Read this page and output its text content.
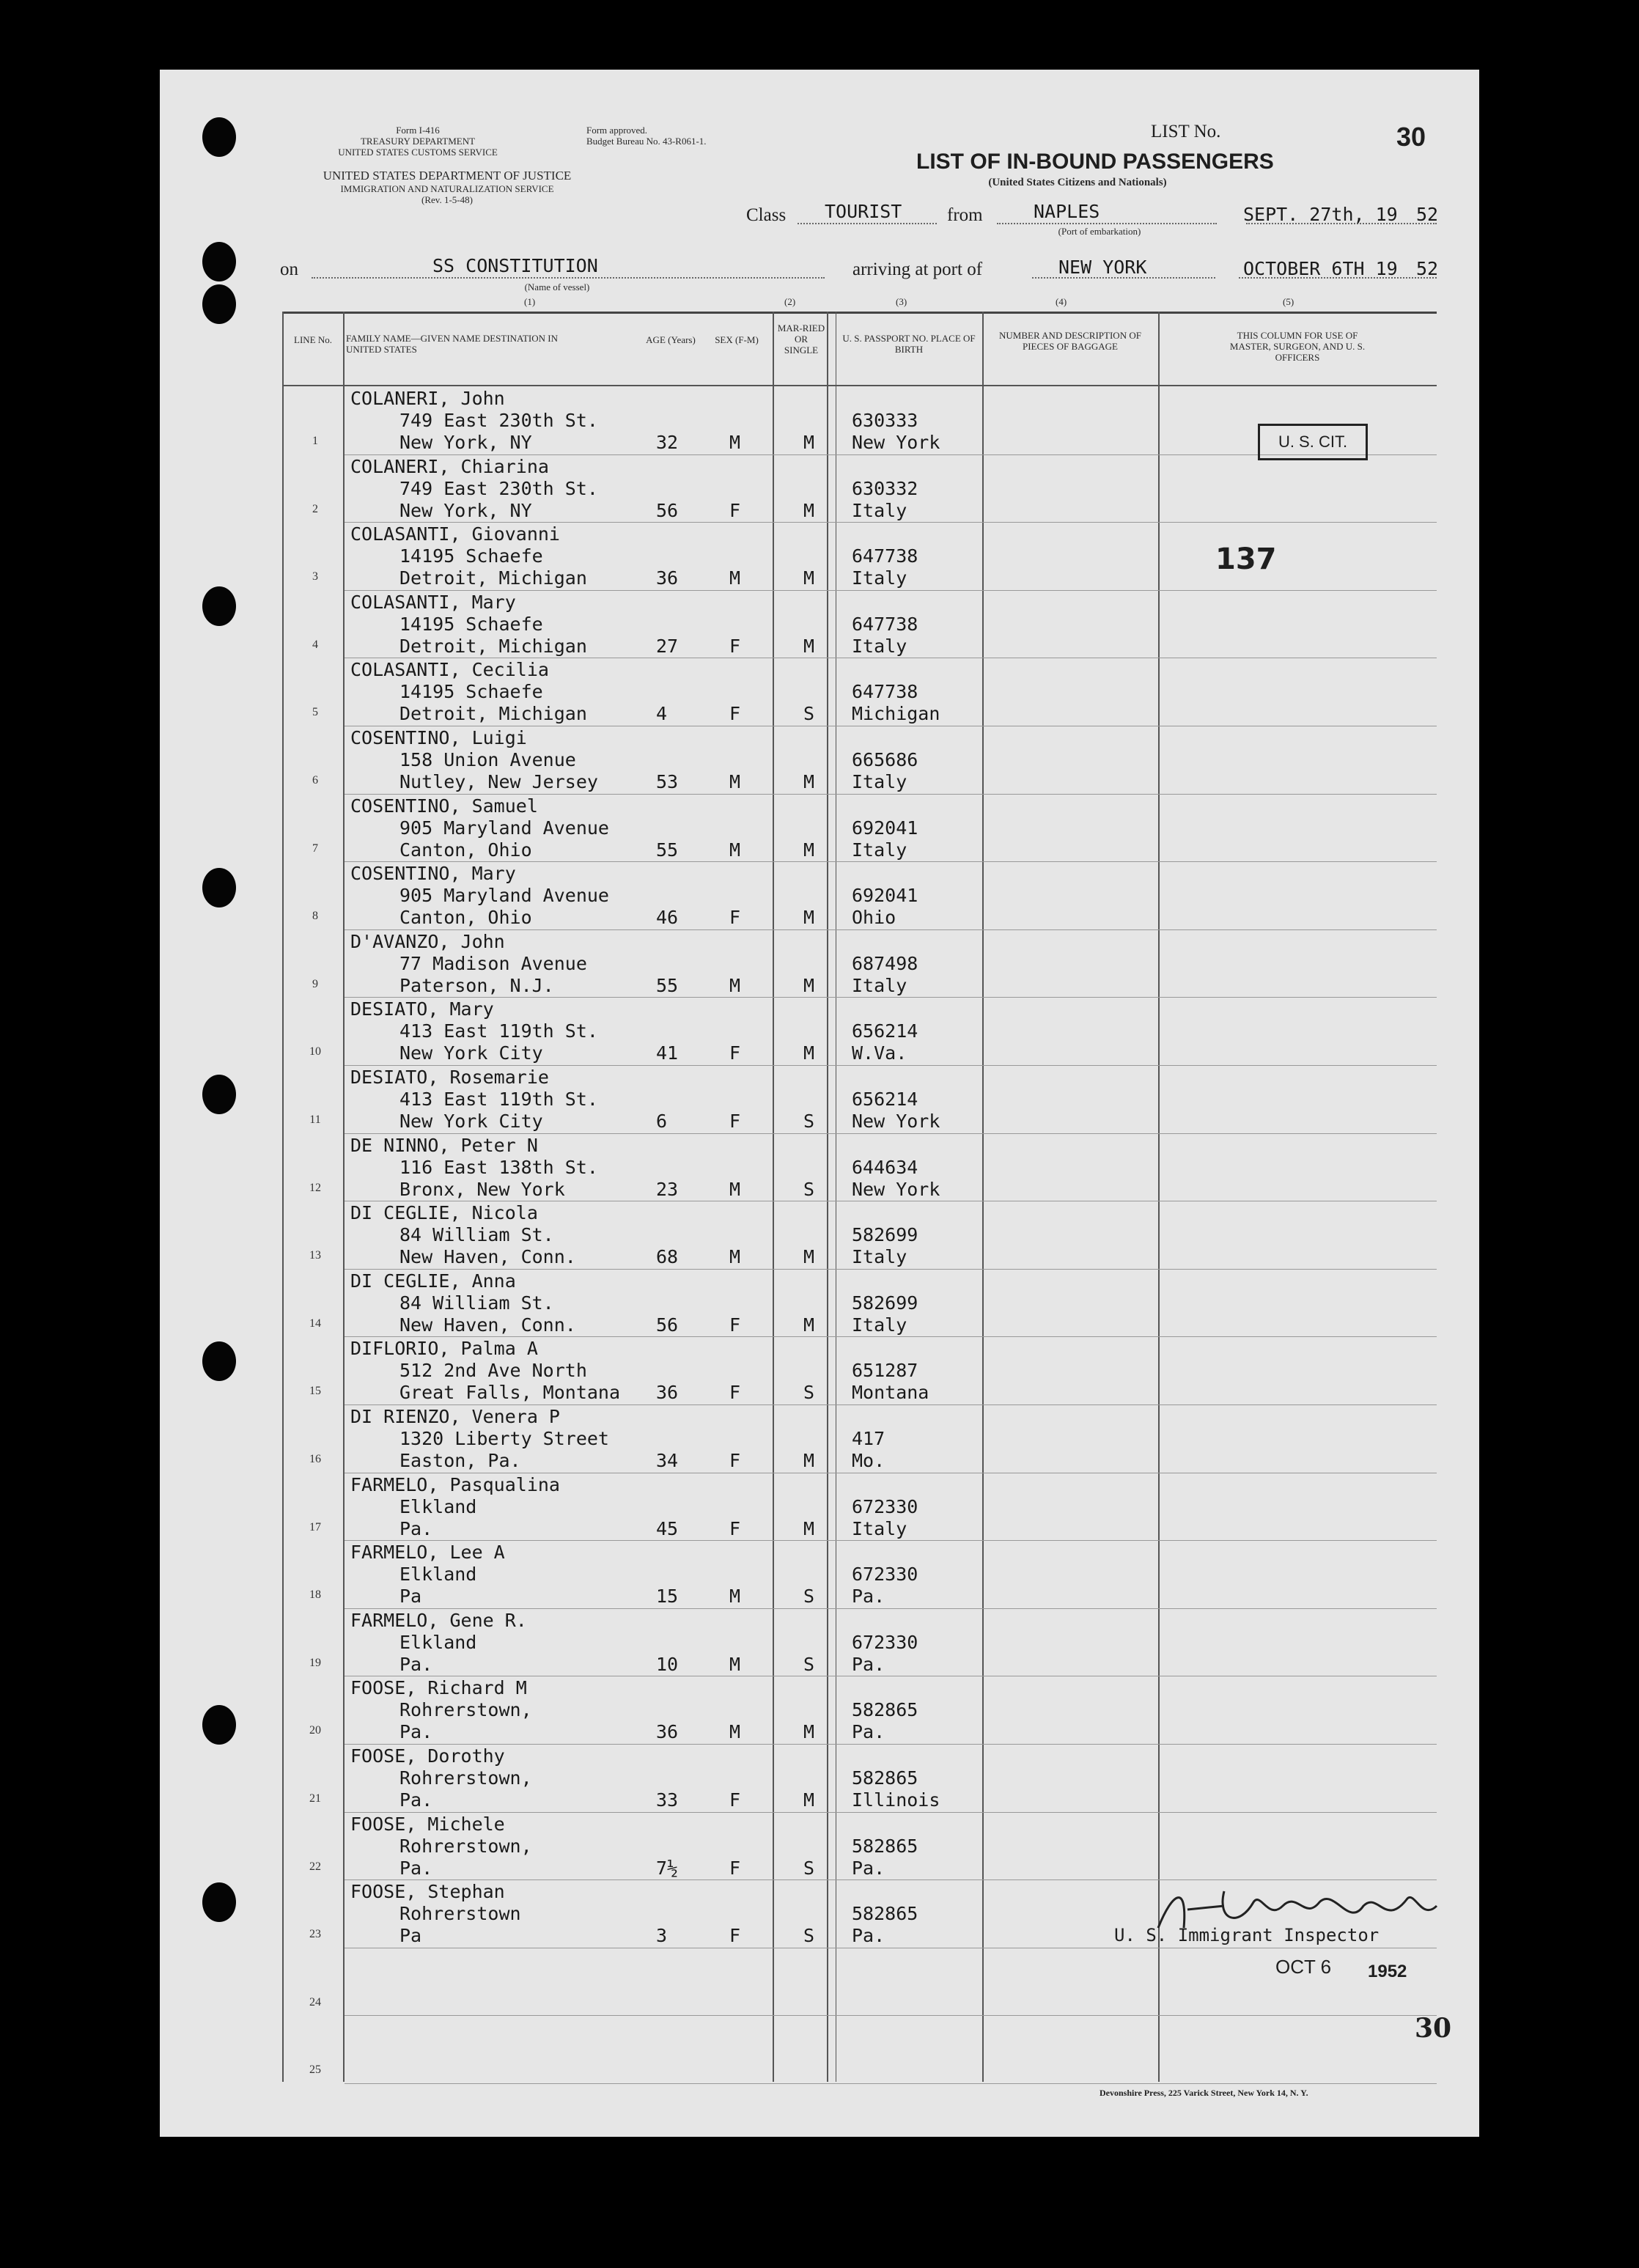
Form I-416
TREASURY DEPARTMENT
UNITED STATES CUSTOMS SERVICE
Form approved.
Budget Bureau No. 43-R061-1.
UNITED STATES DEPARTMENT OF JUSTICE
IMMIGRATION AND NATURALIZATION SERVICE
(Rev. 1-5-48)
LIST No.	30
LIST OF IN-BOUND PASSENGERS
(United States Citizens and Nationals)
Class TOURIST from	NAPLES
(Port of embarkation)
SEPT. 27th, 19 52
on	SS CONSTITUTION
(Name of vessel)
arriving at port of	NEW YORK	OCTOBER 6TH 19 52
(1)	(2)	(3)	(4)	(5)
LINE No.	FAMILY NAME—GIVEN NAME DESTINATION IN UNITED STATES
AGE (Years) SEX (F-M)
MAR-RIED OR SINGLE
U. S. PASSPORT NO. PLACE OF BIRTH
NUMBER AND DESCRIPTION OF PIECES OF BAGGAGE
THIS COLUMN FOR USE OF MASTER, SURGEON, AND U. S. OFFICERS
1
COLANERI, John
749 East 230th St.
New York, NY	32	M	M
630333
New York
2
COLANERI, Chiarina
749 East 230th St.
New York, NY	56	F	M
630332
Italy
3
COLASANTI, Giovanni
14195 Schaefe
Detroit, Michigan	36	M	M
647738
Italy
4
COLASANTI, Mary
14195 Schaefe
Detroit, Michigan	27	F	M
647738
Italy
5
COLASANTI, Cecilia
14195 Schaefe
Detroit, Michigan	4	F	S
647738
Michigan
6
COSENTINO, Luigi
158 Union Avenue
Nutley, New Jersey	53	M	M
665686
Italy
7
COSENTINO, Samuel
905 Maryland Avenue
Canton, Ohio	55	M	M
692041
Italy
8
COSENTINO, Mary
905 Maryland Avenue
Canton, Ohio	46	F	M
692041
Ohio
9
D'AVANZO, John
77 Madison Avenue
Paterson, N.J.	55	M	M
687498
Italy
10
DESIATO, Mary
413 East 119th St.
New York City	41	F	M
656214
W.Va.
11
DESIATO, Rosemarie
413 East 119th St.
New York City	6	F	S
656214
New York
12
DE NINNO, Peter N
116 East 138th St.
Bronx, New York	23	M	S
644634
New York
13
DI CEGLIE, Nicola
84 William St.
New Haven, Conn.	68	M	M
582699
Italy
14
DI CEGLIE, Anna
84 William St.
New Haven, Conn.	56	F	M
582699
Italy
15
DIFLORIO, Palma A
512 2nd Ave North
Great Falls, Montana 36	F	S
651287
Montana
16
DI RIENZO, Venera P
1320 Liberty Street
Easton, Pa.	34	F	M
417
Mo.
17
FARMELO, Pasqualina
Elkland
Pa.	45	F	M
672330
Italy
18
FARMELO, Lee A
Elkland
Pa	15	M	S
672330
Pa.
19
FARMELO, Gene R.
Elkland
Pa.	10	M	S
672330
Pa.
20
FOOSE, Richard M
Rohrerstown,
Pa.	36	M	M
582865
Pa.
21
FOOSE, Dorothy
Rohrerstown,
Pa.	33	F	M
582865
Illinois
22
FOOSE, Michele
Rohrerstown,
Pa.	7½	F	S
582865
Pa.
23
FOOSE, Stephan
Rohrerstown
Pa	3	F	S
582865
Pa.
24
25
U. S. CIT.
137
U. S. Immigrant Inspector
OCT 6 1952
30
Devonshire Press, 225 Varick Street, New York 14, N. Y.
